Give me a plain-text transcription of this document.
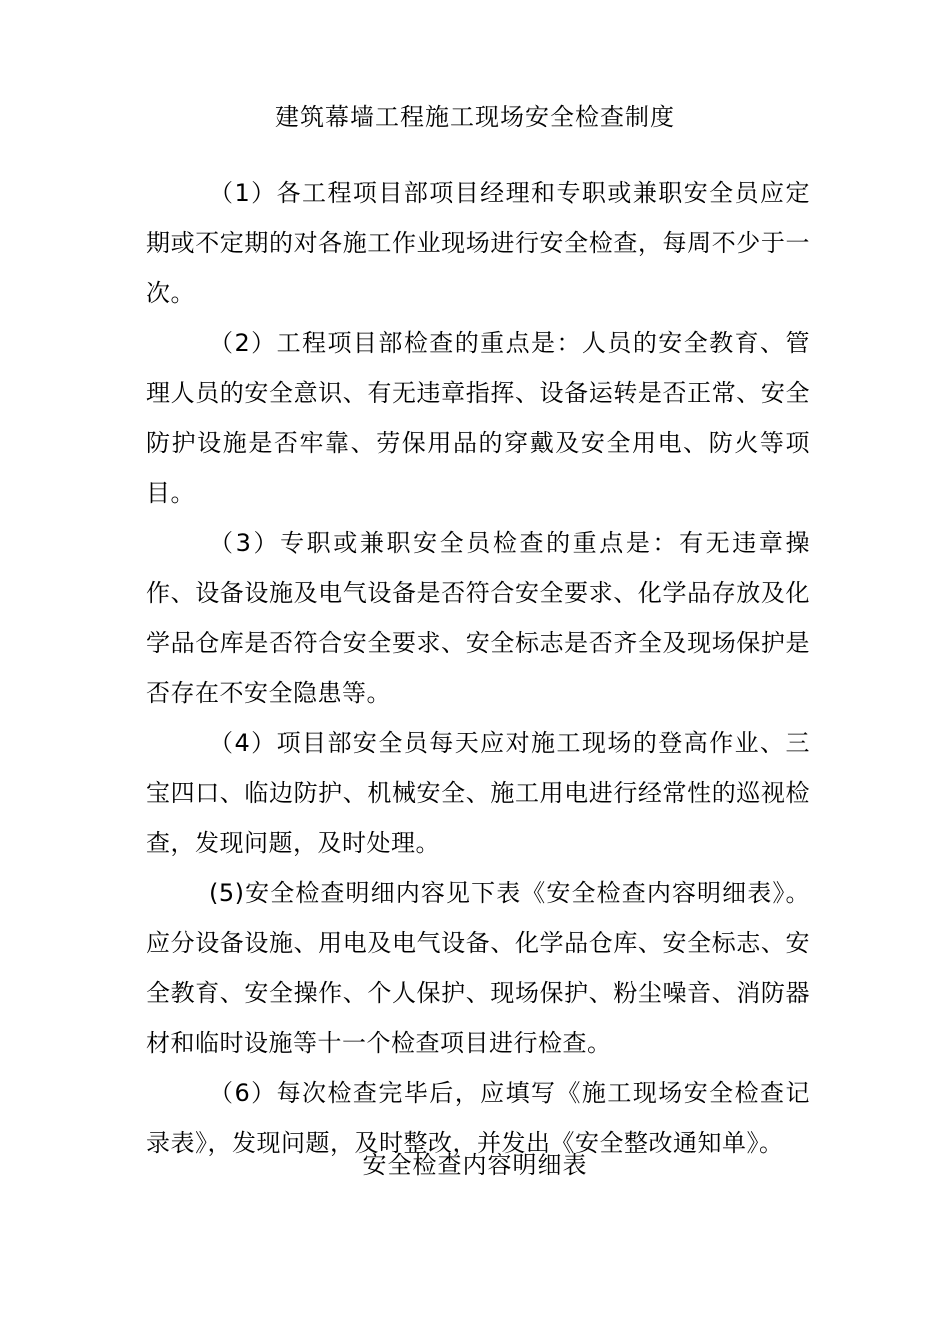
建筑幕墙工程施工现场安全检查制度

（1）各工程项目部项目经理和专职或兼职安全员应定期或不定期的对各施工作业现场进行安全检查，每周不少于一次。

（2）工程项目部检查的重点是：人员的安全教育、管理人员的安全意识、有无违章指挥、设备运转是否正常、安全防护设施是否牢靠、劳保用品的穿戴及安全用电、防火等项目。

（3）专职或兼职安全员检查的重点是：有无违章操作、设备设施及电气设备是否符合安全要求、化学品存放及化学品仓库是否符合安全要求、安全标志是否齐全及现场保护是否存在不安全隐患等。

（4）项目部安全员每天应对施工现场的登高作业、三宝四口、临边防护、机械安全、施工用电进行经常性的巡视检查，发现问题，及时处理。

(5)安全检查明细内容见下表《安全检查内容明细表》。应分设备设施、用电及电气设备、化学品仓库、安全标志、安全教育、安全操作、个人保护、现场保护、粉尘噪音、消防器材和临时设施等十一个检查项目进行检查。

（6）每次检查完毕后，应填写《施工现场安全检查记录表》，发现问题，及时整改，并发出《安全整改通知单》。

安全检查内容明细表
